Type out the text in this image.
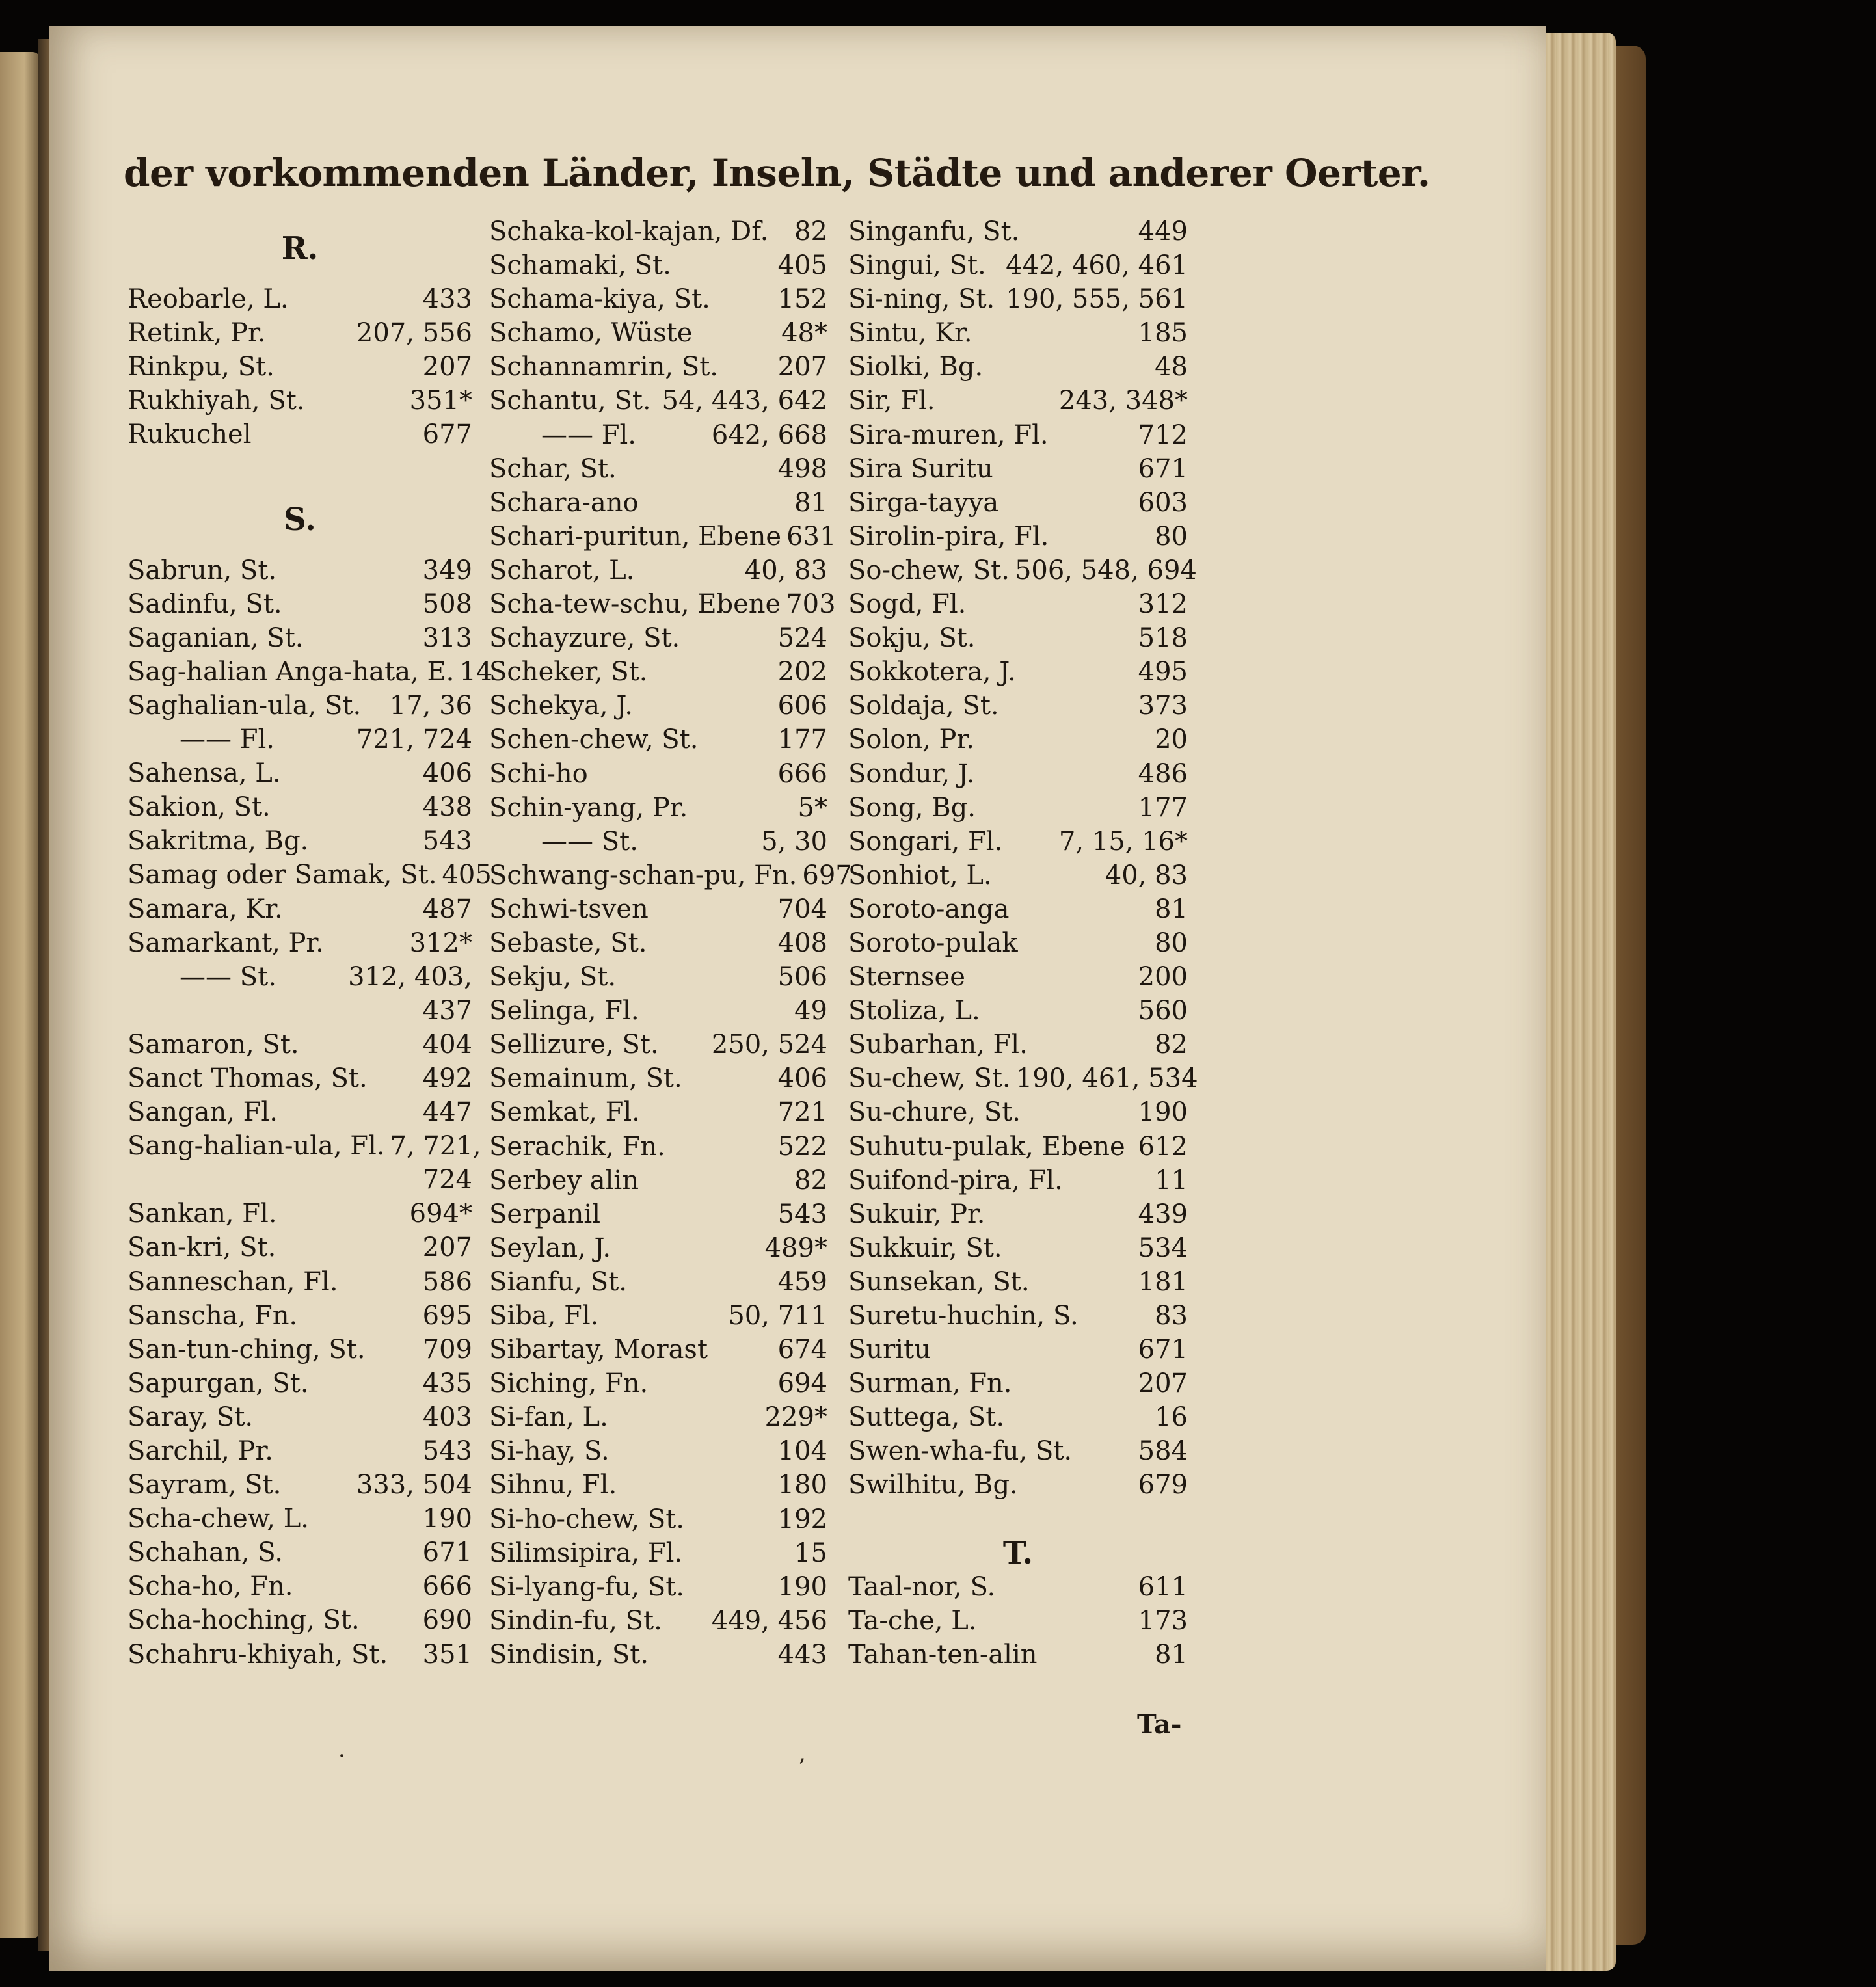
der vorkommenden Länder, Inseln, Städte und anderer Oerter.
R.
Reobarle, L.	433
Retink, Pr.	207, 556
Rinkpu, St.	207
Rukhiyah, St.	351*
Rukuchel	677
S.
Sabrun, St.	349
Sadinfu, St.	508
Saganian, St.	313
Sag-halian Anga-hata, E. 14
Saghalian-ula, St. 17, 36
—— Fl.	721, 724
Sahensa, L.	406
Sakion, St.	438
Sakritma, Bg.	543
Samag oder Samak, St. 405
Samara, Kr.	487
Samarkant, Pr.	312*
—— St.	312, 403,
437
Samaron, St.	404
Sanct Thomas, St. 492
Sangan, Fl.	447
Sang-halian-ula, Fl. 7, 721,
724
Sankan, Fl.	694*
San-kri, St.	207
Sanneschan, Fl.	586
Sanscha, Fn.	695
San-tun-ching, St. 709
Sapurgan, St.	435
Saray, St.	403
Sarchil, Pr.	543
Sayram, St.	333, 504
Scha-chew, L.	190
Schahan, S.	671
Scha-ho, Fn.	666
Scha-hoching, St. 690
Schahru-khiyah, St. 351
Schaka-kol-kajan, Df. 82
Schamaki, St.	405
Schama-kiya, St.	152
Schamo, Wüste	48*
Schannamrin, St. 207
Schantu, St. 54, 443, 642
—— Fl.	642, 668
Schar, St.	498
Schara-ano	81
Schari-puritun, Ebene 631
Scharot, L.	40, 83
Scha-tew-schu, Ebene 703
Schayzure, St.	524
Scheker, St.	202
Schekya, J.	606
Schen-chew, St.	177
Schi-ho	666
Schin-yang, Pr.	5*
—— St.	5, 30
Schwang-schan-pu, Fn. 697
Schwi-tsven	704
Sebaste, St.	408
Sekju, St.	506
Selinga, Fl.	49
Sellizure, St. 250, 524
Semainum, St.	406
Semkat, Fl.	721
Serachik, Fn.	522
Serbey alin	82
Serpanil	543
Seylan, J.	489*
Sianfu, St.	459
Siba, Fl.	50, 711
Sibartay, Morast	674
Siching, Fn.	694
Si-fan, L.	229*
Si-hay, S.	104
Sihnu, Fl.	180
Si-ho-chew, St.	192
Silimsipira, Fl.	15
Si-lyang-fu, St.	190
Sindin-fu, St. 449, 456
Sindisin, St.	443
Singanfu, St.	449
Singui, St. 442, 460, 461
Si-ning, St. 190, 555, 561
Sintu, Kr.	185
Siolki, Bg.	48
Sir, Fl.	243, 348*
Sira-muren, Fl.	712
Sira Suritu	671
Sirga-tayya	603
Sirolin-pira, Fl.	80
So-chew, St. 506, 548, 694
Sogd, Fl.	312
Sokju, St.	518
Sokkotera, J.	495
Soldaja, St.	373
Solon, Pr.	20
Sondur, J.	486
Song, Bg.	177
Songari, Fl. 7, 15, 16*
Sonhiot, L.	40, 83
Soroto-anga	81
Soroto-pulak	80
Sternsee	200
Stoliza, L.	560
Subarhan, Fl.	82
Su-chew, St. 190, 461, 534
Su-chure, St.	190
Suhutu-pulak, Ebene 612
Suifond-pira, Fl.	11
Sukuir, Pr.	439
Sukkuir, St.	534
Sunsekan, St.	181
Suretu-huchin, S.	83
Suritu	671
Surman, Fn.	207
Suttega, St.	16
Swen-wha-fu, St.	584
Swilhitu, Bg.	679
T.
Taal-nor, S.	611
Ta-che, L.	173
Tahan-ten-alin	81
Ta-
·	,
